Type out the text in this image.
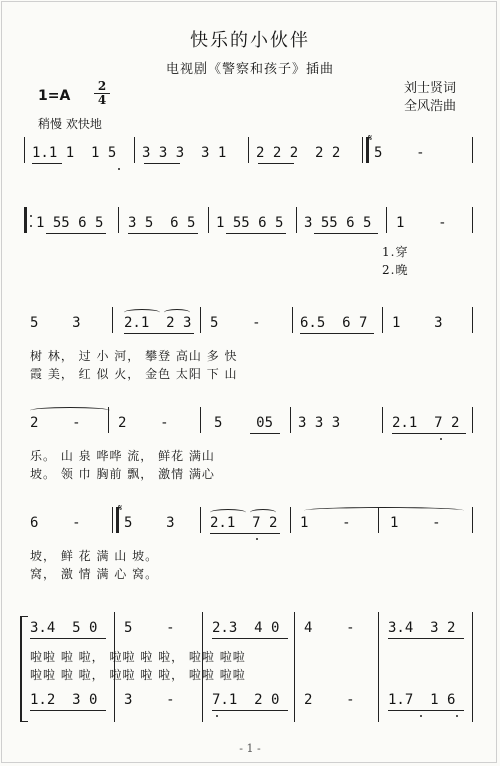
快乐的小伙伴
电视剧《警察和孩子》插曲
刘士贤词
全风浩曲
1=A
2
4
稍慢 欢快地
1.1 1  1 5 3 3 3  3 1 2 2 2  2 2
𝄋
5    -
1 55 6 5 3 5  6 5 1 55 6 5 3 55 6 5 1    -
1.穿
2.晚
5    3	2.1  2 3 5    -	6.5  6 7 1    3
树 林， 过 小 河， 攀登 高山 多 快
霞 美， 红 似 火， 金色 太阳 下 山
2    -	2    -	5    05 3 3 3	2.1  7 2
乐。 山 泉 哗哗 流， 鲜花 满山
坡。 领 巾 胸前 飘， 激情 满心
6    -
𝄋
5    3	2.1  7 2 1    -	1    -
坡， 鲜 花 满 山 坡。
窝， 激 情 满 心 窝。
3.4  5 0 5    -	2.3  4 0 4    - 3.4  3 2
啦啦 啦 啦， 啦啦 啦 啦， 啦啦 啦啦
啦啦 啦 啦， 啦啦 啦 啦， 啦啦 啦啦
1.2  3 0 3    -	7.1  2 0 2    - 1.7  1 6
- 1 -
